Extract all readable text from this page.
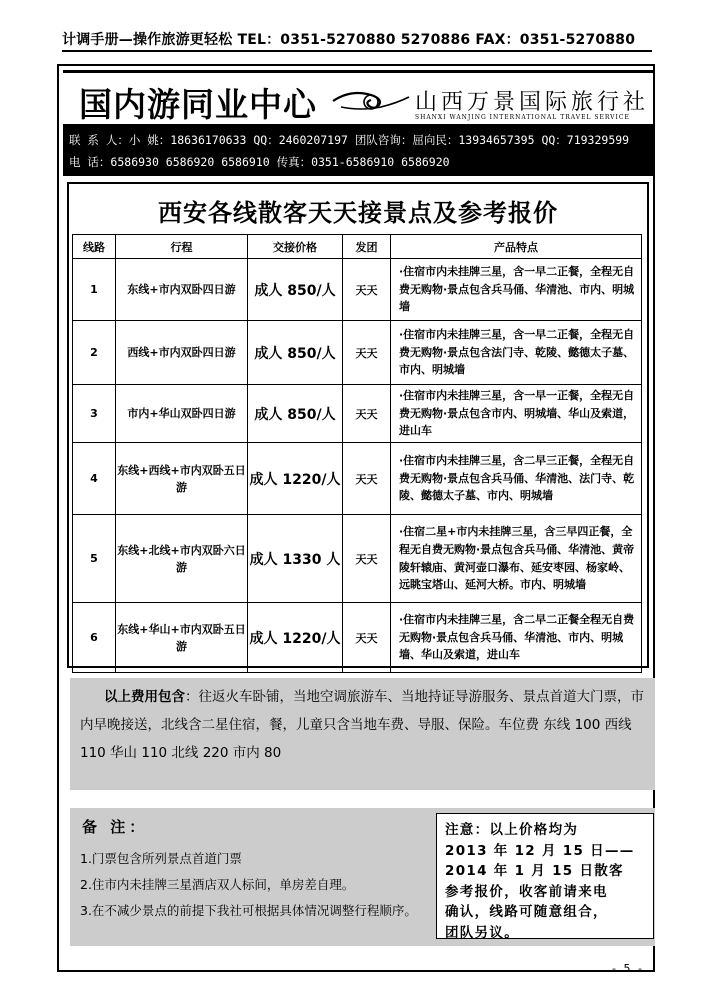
计调手册—操作旅游更轻松 TEL：0351-5270880 5270886 FAX：0351-5270880
国内游同业中心	山西万景国际旅行社
SHANXI WANJING INTERNATIONAL TRAVEL SERVICE
联 系 人：小 姚：18636170633 QQ：2460207197 团队咨询：屈向民：13934657395 QQ：719329599
电 话：6586930 6586920 6586910 传真：0351-6586910 6586920
西安各线散客天天接景点及参考报价
线路	行程	交接价格	发团	产品特点
1	东线+市内双卧四日游	成人 850/人	天天	·住宿市内未挂牌三星，含一早二正餐，全程无自费无购物·景点包含兵马俑、华清池、市内、明城墙
2	西线+市内双卧四日游	成人 850/人	天天	·住宿市内未挂牌三星，含一早二正餐，全程无自费无购物·景点包含法门寺、乾陵、懿德太子墓、市内、明城墙
3	市内+华山双卧四日游	成人 850/人	天天	·住宿市内未挂牌三星，含一早一正餐，全程无自费无购物·景点包含市内、明城墙、华山及索道，进山车
4	东线+西线+市内双卧五日游	成人 1220/人	天天	·住宿市内未挂牌三星，含二早三正餐，全程无自费无购物·景点包含兵马俑、华清池、法门寺、乾陵、懿德太子墓、市内、明城墙
5	东线+北线+市内双卧六日游	成人 1330 人	天天	·住宿二星+市内未挂牌三星，含三早四正餐，全程无自费无购物·景点包含兵马俑、华清池、黄帝陵轩辕庙、黄河壶口瀑布、延安枣园、杨家岭、远眺宝塔山、延河大桥。市内、明城墙
6	东线+华山+市内双卧五日游	成人 1220/人	天天	·住宿市内未挂牌三星，含二早二正餐全程无自费无购物·景点包含兵马俑、华清池、市内、明城墙、华山及索道，进山车
以上费用包含：往返火车卧铺，当地空调旅游车、当地持证导游服务、景点首道大门票，市内早晚接送，北线含二星住宿，餐，儿童只含当地车费、导服、保险。车位费 东线 100 西线 110 华山 110 北线 220 市内 80
备 注：
1.门票包含所列景点首道门票
2.住市内未挂牌三星酒店双人标间，单房差自理。
3.在不减少景点的前提下我社可根据具体情况调整行程顺序。
注意：以上价格均为
2013 年 12 月 15 日——
2014 年 1 月 15 日散客
参考报价，收客前请来电
确认，线路可随意组合，
团队另议。
- 5 -
